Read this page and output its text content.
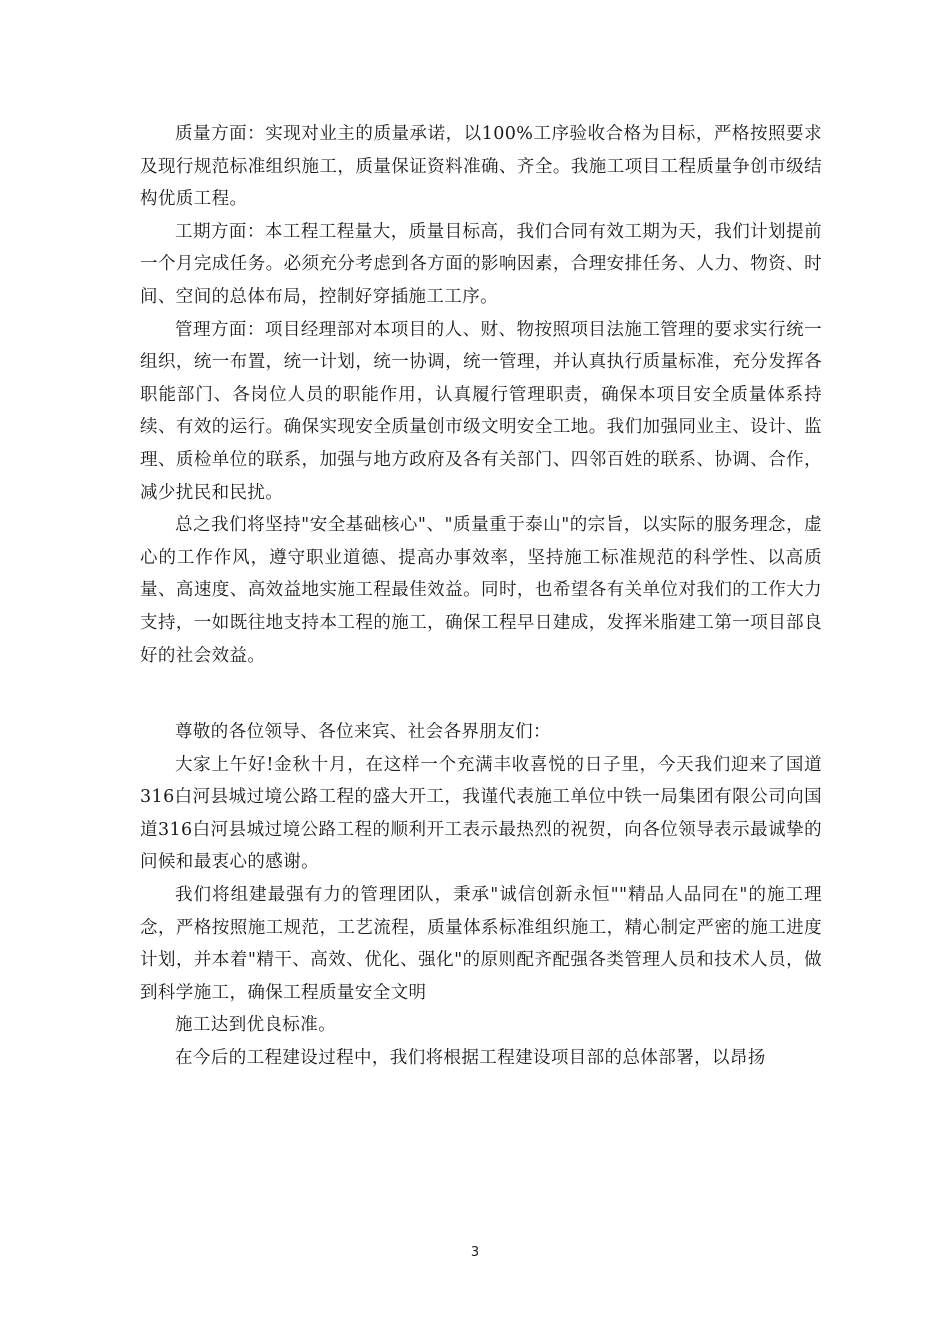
质量方面：实现对业主的质量承诺，以100%工序验收合格为目标，严格按照要求及现行规范标准组织施工，质量保证资料准确、齐全。我施工项目工程质量争创市级结构优质工程。

工期方面：本工程工程量大，质量目标高，我们合同有效工期为天，我们计划提前一个月完成任务。必须充分考虑到各方面的影响因素，合理安排任务、人力、物资、时间、空间的总体布局，控制好穿插施工工序。

管理方面：项目经理部对本项目的人、财、物按照项目法施工管理的要求实行统一组织，统一布置，统一计划，统一协调，统一管理，并认真执行质量标准，充分发挥各职能部门、各岗位人员的职能作用，认真履行管理职责，确保本项目安全质量体系持续、有效的运行。确保实现安全质量创市级文明安全工地。我们加强同业主、设计、监理、质检单位的联系，加强与地方政府及各有关部门、四邻百姓的联系、协调、合作，减少扰民和民扰。

总之我们将坚持"安全基础核心"、"质量重于泰山"的宗旨，以实际的服务理念，虚心的工作作风，遵守职业道德、提高办事效率，坚持施工标准规范的科学性、以高质量、高速度、高效益地实施工程最佳效益。同时，也希望各有关单位对我们的工作大力支持，一如既往地支持本工程的施工，确保工程早日建成，发挥米脂建工第一项目部良好的社会效益。

尊敬的各位领导、各位来宾、社会各界朋友们：

大家上午好!金秋十月，在这样一个充满丰收喜悦的日子里，今天我们迎来了国道316白河县城过境公路工程的盛大开工，我谨代表施工单位中铁一局集团有限公司向国道316白河县城过境公路工程的顺利开工表示最热烈的祝贺，向各位领导表示最诚挚的问候和最衷心的感谢。

我们将组建最强有力的管理团队，秉承"诚信创新永恒""精品人品同在"的施工理念，严格按照施工规范，工艺流程，质量体系标准组织施工，精心制定严密的施工进度计划，并本着"精干、高效、优化、强化"的原则配齐配强各类管理人员和技术人员，做到科学施工，确保工程质量安全文明

施工达到优良标准。

在今后的工程建设过程中，我们将根据工程建设项目部的总体部署，以昂扬

3
